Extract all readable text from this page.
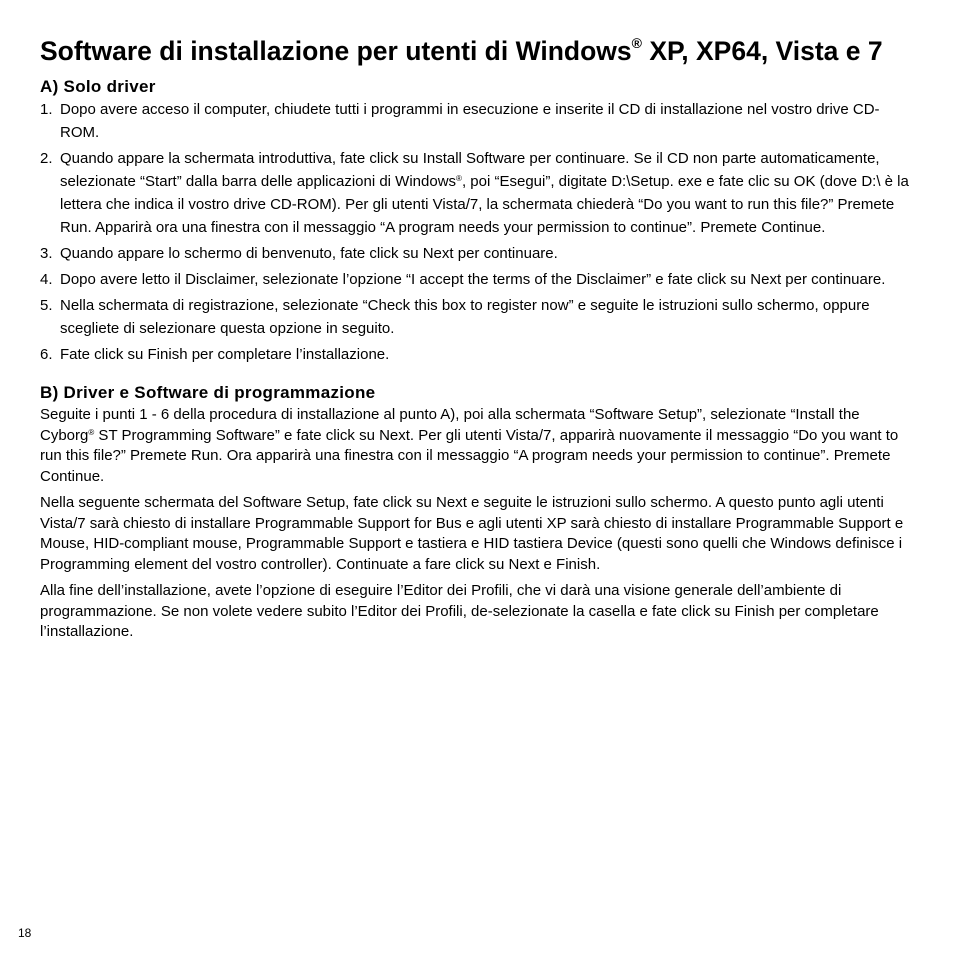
Software di installazione per utenti di Windows® XP, XP64, Vista e 7
A) Solo driver
1. Dopo avere acceso il computer, chiudete tutti i programmi in esecuzione e inserite il CD di installazione nel vostro drive CD-ROM.
2. Quando appare la schermata introduttiva, fate click su Install Software per continuare. Se il CD non parte automaticamente, selezionate “Start” dalla barra delle applicazioni di Windows®, poi “Esegui”, digitate D:\Setup. exe e fate clic su OK (dove D:\ è la lettera che indica il vostro drive CD-ROM). Per gli utenti Vista/7, la schermata chiederà “Do you want to run this file?” Premete Run. Apparirà ora una finestra con il messaggio “A program needs your permission to continue”. Premete Continue.
3. Quando appare lo schermo di benvenuto, fate click su Next per continuare.
4. Dopo avere letto il Disclaimer, selezionate l’opzione “I accept the terms of the Disclaimer” e fate click su Next per continuare.
5. Nella schermata di registrazione, selezionate “Check this box to register now” e seguite le istruzioni sullo schermo, oppure scegliete di selezionare questa opzione in seguito.
6. Fate click su Finish per completare l’installazione.
B) Driver e Software di programmazione

Seguite i punti 1 - 6 della procedura di installazione al punto A), poi alla schermata “Software Setup”, selezionate “Install the Cyborg® ST Programming Software” e fate click su Next. Per gli utenti Vista/7, apparirà nuovamente il messaggio “Do you want to run this file?” Premete Run. Ora apparirà una finestra con il messaggio “A program needs your permission to continue”. Premete Continue.

Nella seguente schermata del Software Setup, fate click su Next e seguite le istruzioni sullo schermo. A questo punto agli utenti Vista/7 sarà chiesto di installare Programmable Support for Bus e agli utenti XP sarà chiesto di installare Programmable Support e Mouse, HID-compliant mouse, Programmable Support e tastiera e HID tastiera Device (questi sono quelli che Windows definisce i Programming element del vostro controller). Continuate a fare click su Next e Finish.

Alla fine dell’installazione, avete l’opzione di eseguire l’Editor dei Profili, che vi darà una visione generale dell’ambiente di programmazione. Se non volete vedere subito l’Editor dei Profili, de-selezionate la casella e fate click su Finish per completare l’installazione.

18
